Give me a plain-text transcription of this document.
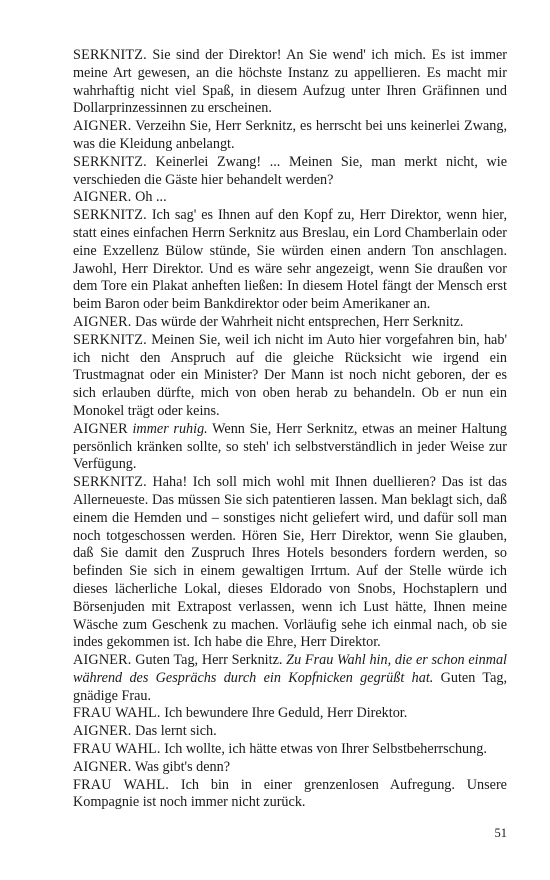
SERKNITZ. Sie sind der Direktor! An Sie wend' ich mich. Es ist immer meine Art gewesen, an die höchste Instanz zu appellieren. Es macht mir wahrhaftig nicht viel Spaß, in diesem Aufzug unter Ihren Gräfinnen und Dollarprinzessinnen zu erscheinen.

AIGNER. Verzeihn Sie, Herr Serknitz, es herrscht bei uns keinerlei Zwang, was die Kleidung anbelangt.

SERKNITZ. Keinerlei Zwang! ... Meinen Sie, man merkt nicht, wie verschieden die Gäste hier behandelt werden?

AIGNER. Oh ...

SERKNITZ. Ich sag' es Ihnen auf den Kopf zu, Herr Direktor, wenn hier, statt eines einfachen Herrn Serknitz aus Breslau, ein Lord Chamberlain oder eine Exzellenz Bülow stünde, Sie würden einen andern Ton anschlagen. Jawohl, Herr Direktor. Und es wäre sehr angezeigt, wenn Sie draußen vor dem Tore ein Plakat anheften ließen: In diesem Hotel fängt der Mensch erst beim Baron oder beim Bankdirektor oder beim Amerikaner an.

AIGNER. Das würde der Wahrheit nicht entsprechen, Herr Serknitz.

SERKNITZ. Meinen Sie, weil ich nicht im Auto hier vorgefahren bin, hab' ich nicht den Anspruch auf die gleiche Rücksicht wie irgend ein Trustmagnat oder ein Minister? Der Mann ist noch nicht geboren, der es sich erlauben dürfte, mich von oben herab zu behandeln. Ob er nun ein Monokel trägt oder keins.

AIGNER immer ruhig. Wenn Sie, Herr Serknitz, etwas an meiner Haltung persönlich kränken sollte, so steh' ich selbstverständlich in jeder Weise zur Verfügung.

SERKNITZ. Haha! Ich soll mich wohl mit Ihnen duellieren? Das ist das Allerneueste. Das müssen Sie sich patentieren lassen. Man beklagt sich, daß einem die Hemden und – sonstiges nicht geliefert wird, und dafür soll man noch totgeschossen werden. Hören Sie, Herr Direktor, wenn Sie glauben, daß Sie damit den Zuspruch Ihres Hotels besonders fordern werden, so befinden Sie sich in einem gewaltigen Irrtum. Auf der Stelle würde ich dieses lächerliche Lokal, dieses Eldorado von Snobs, Hochstaplern und Börsenjuden mit Extrapost verlassen, wenn ich Lust hätte, Ihnen meine Wäsche zum Geschenk zu machen. Vorläufig sehe ich einmal nach, ob sie indes gekommen ist. Ich habe die Ehre, Herr Direktor.

AIGNER. Guten Tag, Herr Serknitz. Zu Frau Wahl hin, die er schon einmal während des Gesprächs durch ein Kopfnicken gegrüßt hat. Guten Tag, gnädige Frau.

FRAU WAHL. Ich bewundere Ihre Geduld, Herr Direktor.

AIGNER. Das lernt sich.

FRAU WAHL. Ich wollte, ich hätte etwas von Ihrer Selbstbeherrschung.

AIGNER. Was gibt's denn?

FRAU WAHL. Ich bin in einer grenzenlosen Aufregung. Unsere Kompagnie ist noch immer nicht zurück.

51
